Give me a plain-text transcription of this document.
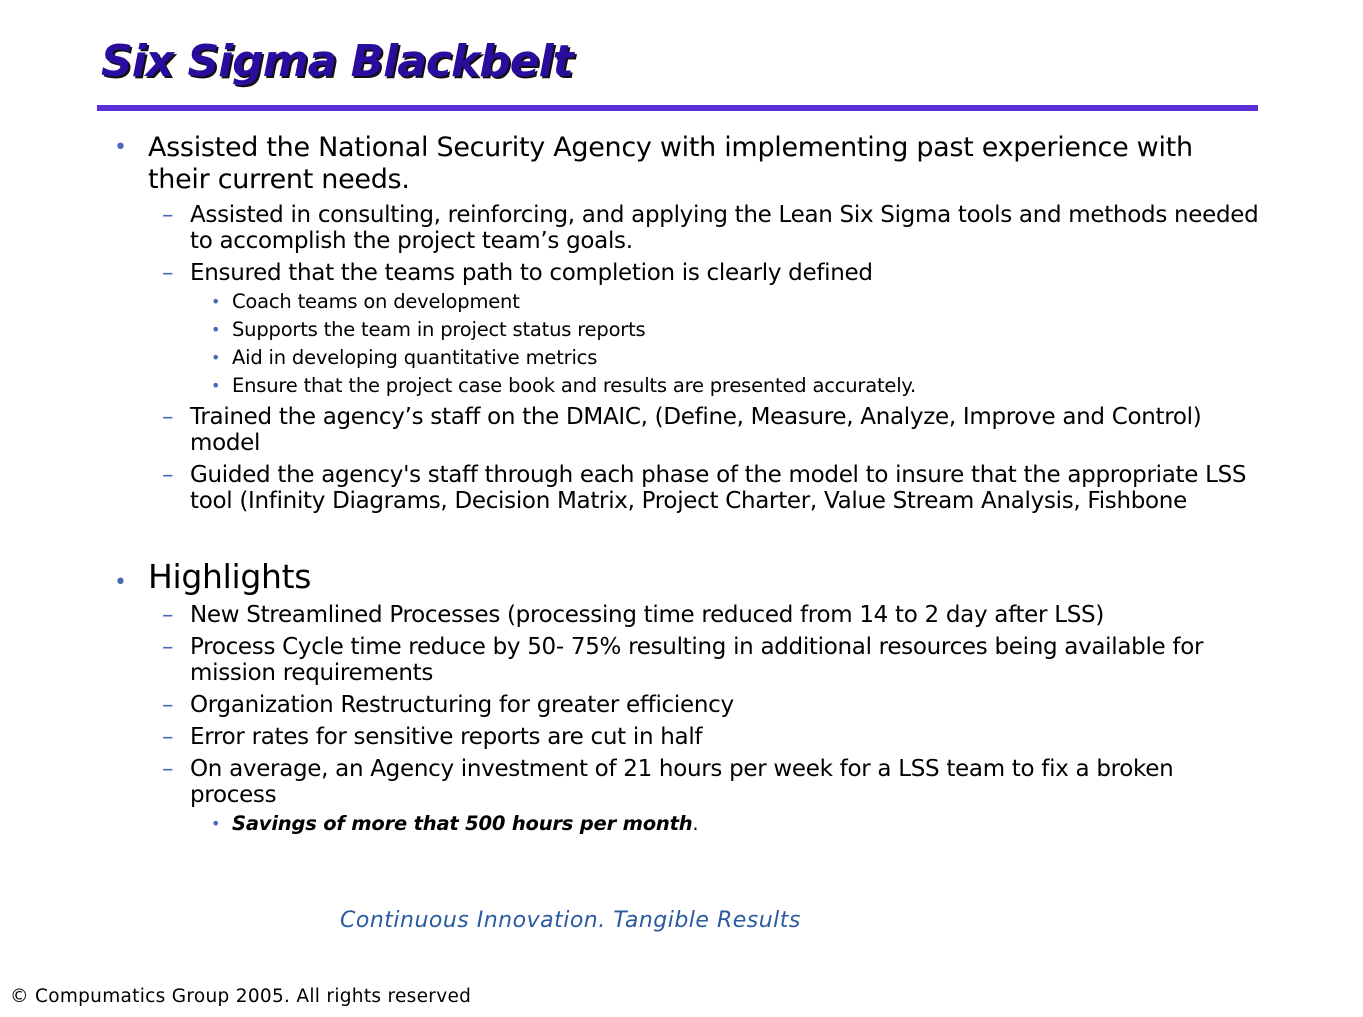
Six Sigma Blackbelt
• Assisted the National Security Agency with implementing past experience with their current needs.
– Assisted in consulting, reinforcing, and applying the Lean Six Sigma tools and methods needed to accomplish the project team’s goals.
– Ensured that the teams path to completion is clearly defined
• Coach teams on development
• Supports the team in project status reports
• Aid in developing quantitative metrics
• Ensure that the project case book and results are presented accurately.
– Trained the agency’s staff on the DMAIC, (Define, Measure, Analyze, Improve and Control) model
– Guided the agency's staff through each phase of the model to insure that the appropriate LSS tool (Infinity Diagrams, Decision Matrix, Project Charter, Value Stream Analysis, Fishbone
• Highlights
– New Streamlined Processes (processing time reduced from 14 to 2 day after LSS)
– Process Cycle time reduce by 50- 75% resulting in additional resources being available for mission requirements
– Organization Restructuring for greater efficiency
– Error rates for sensitive reports are cut in half
– On average, an Agency investment of 21 hours per week for a LSS team to fix a broken process
• Savings of more that 500 hours per month.
Continuous Innovation. Tangible Results
© Compumatics Group 2005. All rights reserved
